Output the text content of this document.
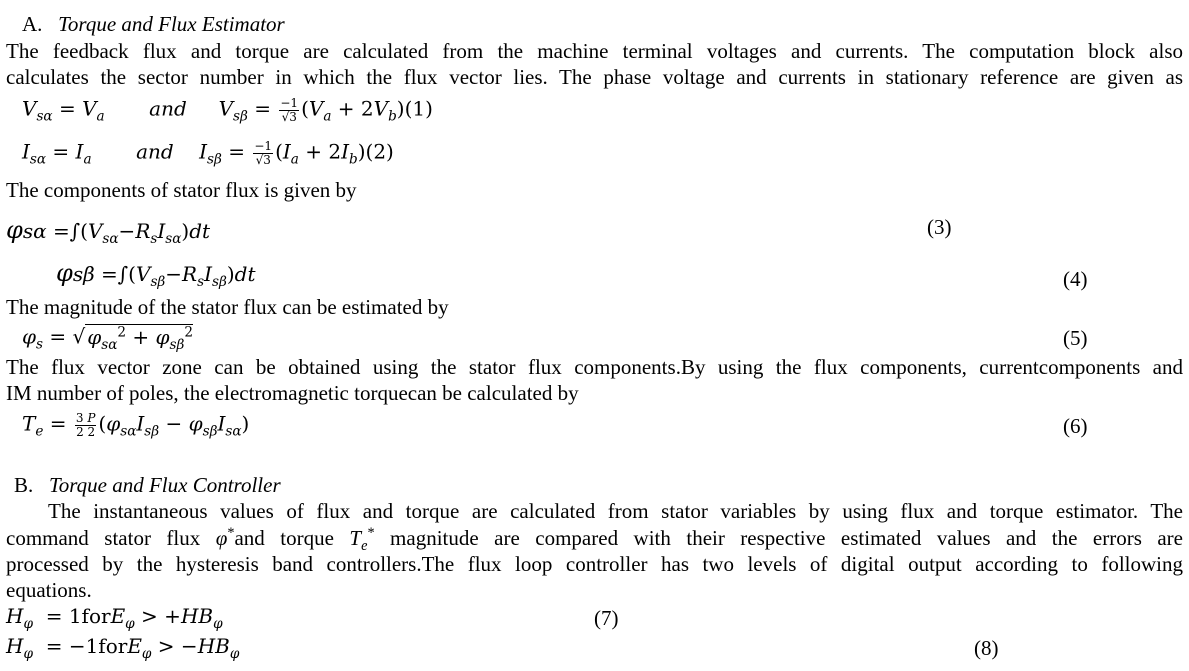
A. Torque and Flux Estimator
The feedback flux and torque are calculated from the machine terminal voltages and currents. The computation block also
calculates the sector number in which the flux vector lies. The phase voltage and currents in stationary reference are given as
$V_{s\alpha} = V_a$ and $V_{s\beta} = \frac{-1}{√3} (V_a + 2V_b)(1)$
$I_{s\alpha} = I_a$ and $I_{s\beta} = \frac{-1}{√3} (I_a + 2I_b)(2)$
The components of stator flux is given by
$\varphi s\alpha =\int(V_{s\alpha}-R_sI_{s\alpha})dt$	(3)
$\varphi s\beta =\int(V_{s\beta}-R_sI_{s\beta})dt$	(4)
The magnitude of the stator flux can be estimated by
$\varphi_s$ = √ $\varphi_{s\alpha}^2 + \varphi_{s\beta}^2$	(5)
The flux vector zone can be obtained using the stator flux components.By using the flux components, currentcomponents and
IM number of poles, the electromagnetic torquecan be calculated by
$T_e = \frac{3 P}{2 2} (\varphi_{s\alpha}I_{s\beta} - \varphi_{s\beta}I_{s\alpha})$	(6)
B. Torque and Flux Controller
The instantaneous values of flux and torque are calculated from stator variables by using flux and torque estimator. The
command stator flux φ*and torque $T_e^*$ magnitude are compared with their respective estimated values and the errors are
processed by the hysteresis band controllers.The flux loop controller has two levels of digital output according to following
equations.
$H_\varphi$  = 1forE$_\varphi$ > $+HB_\varphi$	(7)
$H_\varphi$  = −1forE$_\varphi$ > $-HB_\varphi$	(8)
